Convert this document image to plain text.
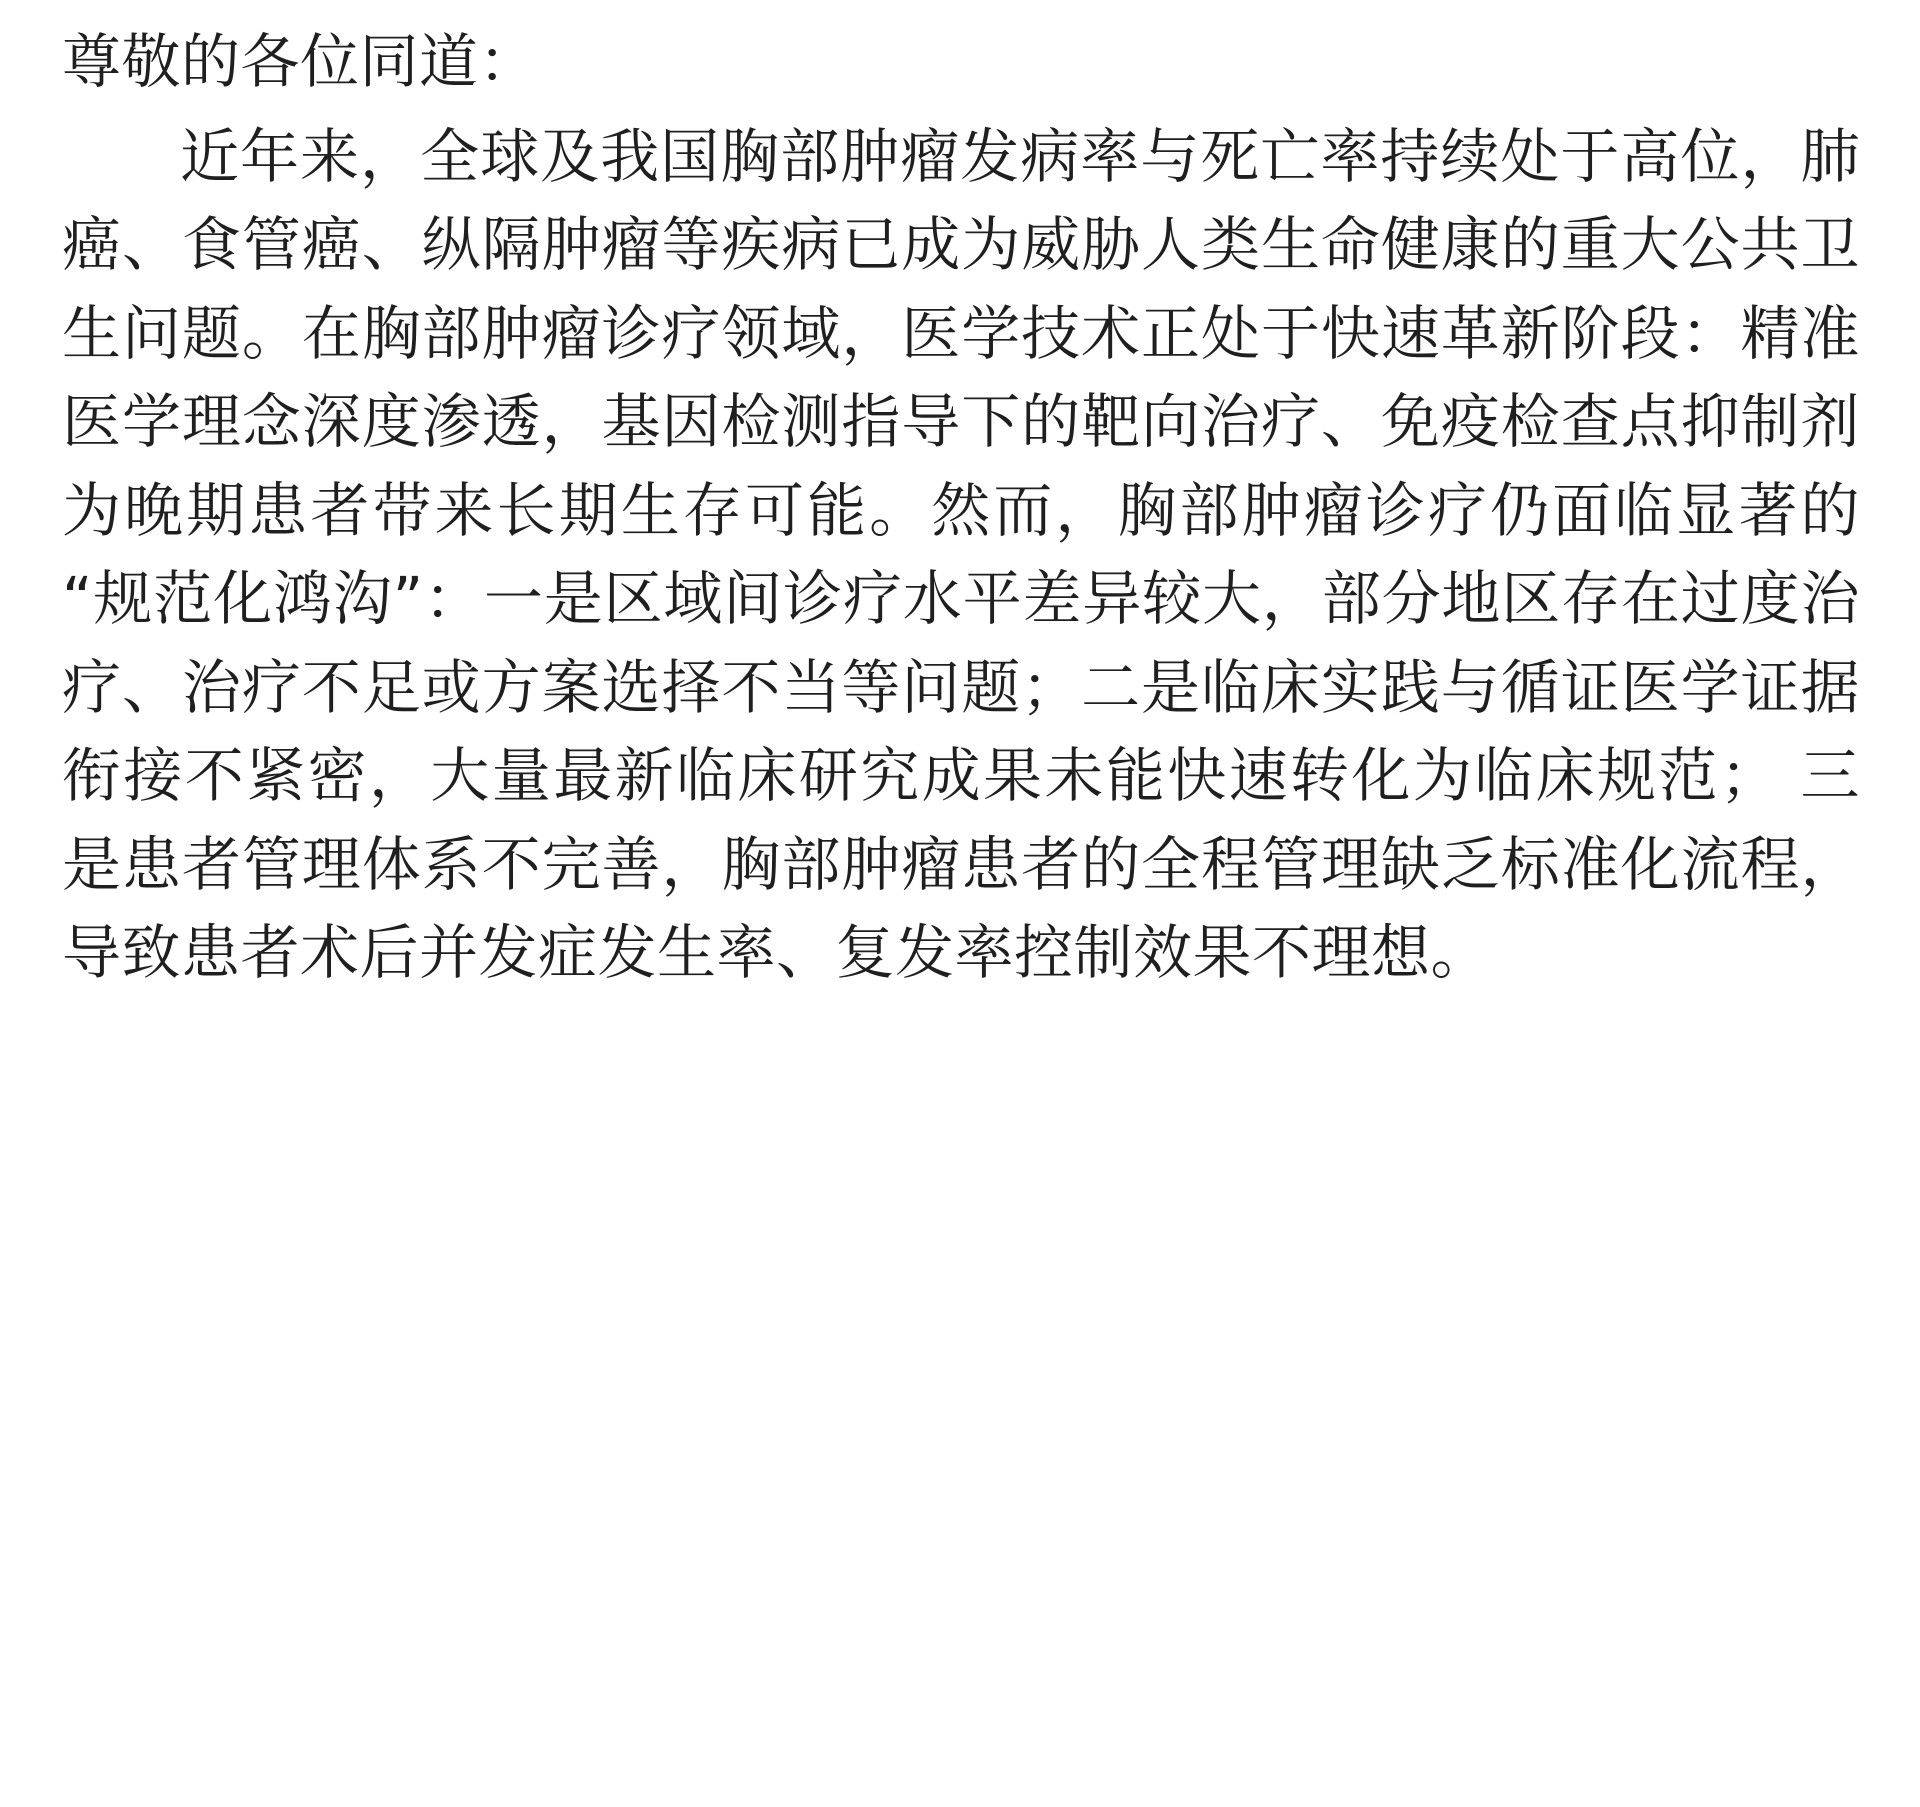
尊敬的各位同道：

近年来，全球及我国胸部肿瘤发病率与死亡率持续处于高位，肺癌、食管癌、纵隔肿瘤等疾病已成为威胁人类生命健康的重大公共卫生问题。在胸部肿瘤诊疗领域，医学技术正处于快速革新阶段：精准医学理念深度渗透，基因检测指导下的靶向治疗、免疫检查点抑制剂为晚期患者带来长期生存可能。然而，胸部肿瘤诊疗仍面临显著的“规范化鸿沟”：一是区域间诊疗水平差异较大，部分地区存在过度治疗、治疗不足或方案选择不当等问题；二是临床实践与循证医学证据衔接不紧密，大量最新临床研究成果未能快速转化为临床规范； 三是患者管理体系不完善，胸部肿瘤患者的全程管理缺乏标准化流程，导致患者术后并发症发生率、复发率控制效果不理想。
